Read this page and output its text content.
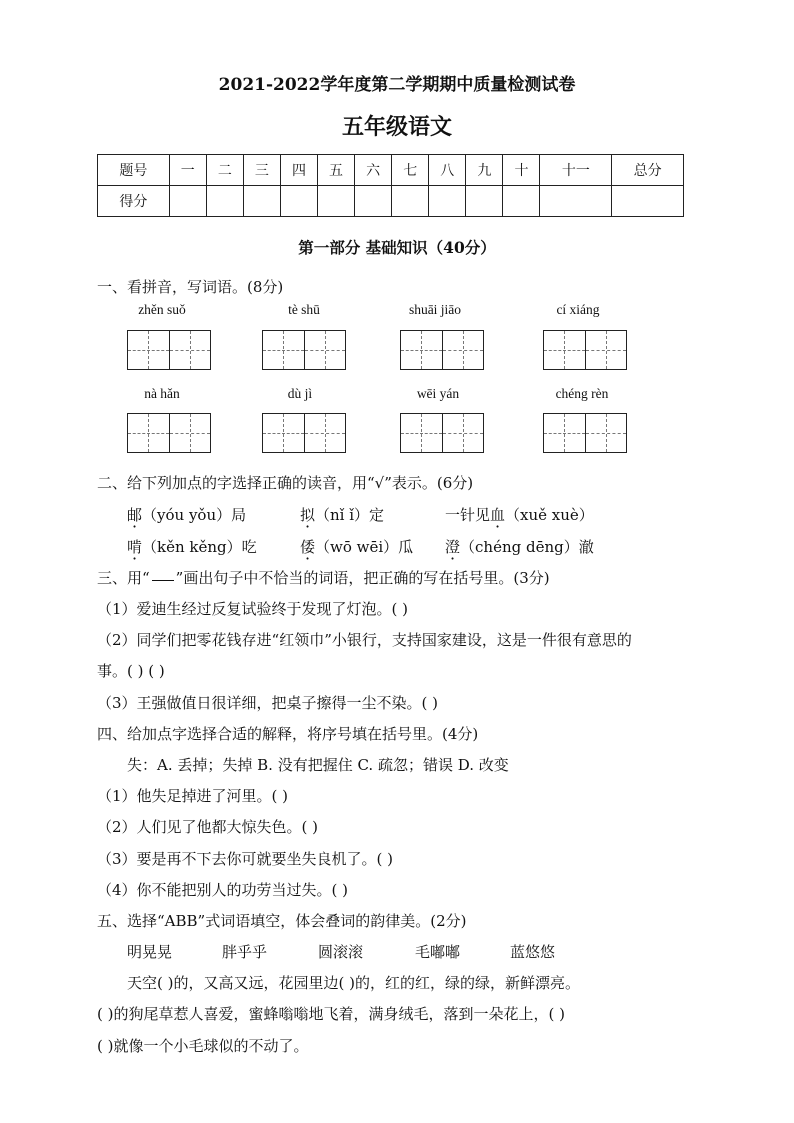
2021-2022学年度第二学期期中质量检测试卷
五年级语文
题号	一	二	三	四	五	六	七	八	九	十	十一	总分
得分												
第一部分 基础知识（40分）
一、看拼音，写词语。(8分)
zhěn suǒ	tè shū	shuāi jiāo	cí xiáng
nà hǎn	dù jì	wēi yán	chéng rèn
二、给下列加点的字选择正确的读音，用“√”表示。(6分)
邮（yóu yǒu）局	拟（nǐ ǐ）定	一针见血（xuě xuè）
啃（kěn kěng）吃	倭（wō wēi）瓜 澄（chéng dēng）澈
三、用“ ”画出句子中不恰当的词语，把正确的写在括号里。(3分)
（1）爱迪生经过反复试验终于发现了灯泡。( )
（2）同学们把零花钱存进“红领巾”小银行，支持国家建设，这是一件很有意思的
事。( ) ( )
（3）王强做值日很详细，把桌子擦得一尘不染。( )
四、给加点字选择合适的解释，将序号填在括号里。(4分)
失：A. 丢掉；失掉 B. 没有把握住 C. 疏忽；错误 D. 改变
（1）他失足掉进了河里。( )
（2）人们见了他都大惊失色。( )
（3）要是再不下去你可就要坐失良机了。( )
（4）你不能把别人的功劳当过失。( )
五、选择“ABB”式词语填空，体会叠词的韵律美。(2分)
明晃晃	胖乎乎	圆滚滚	毛嘟嘟	蓝悠悠
天空( )的，又高又远，花园里边( )的，红的红，绿的绿，新鲜漂亮。
( )的狗尾草惹人喜爱，蜜蜂嗡嗡地飞着，满身绒毛，落到一朵花上，( )
( )就像一个小毛球似的不动了。
